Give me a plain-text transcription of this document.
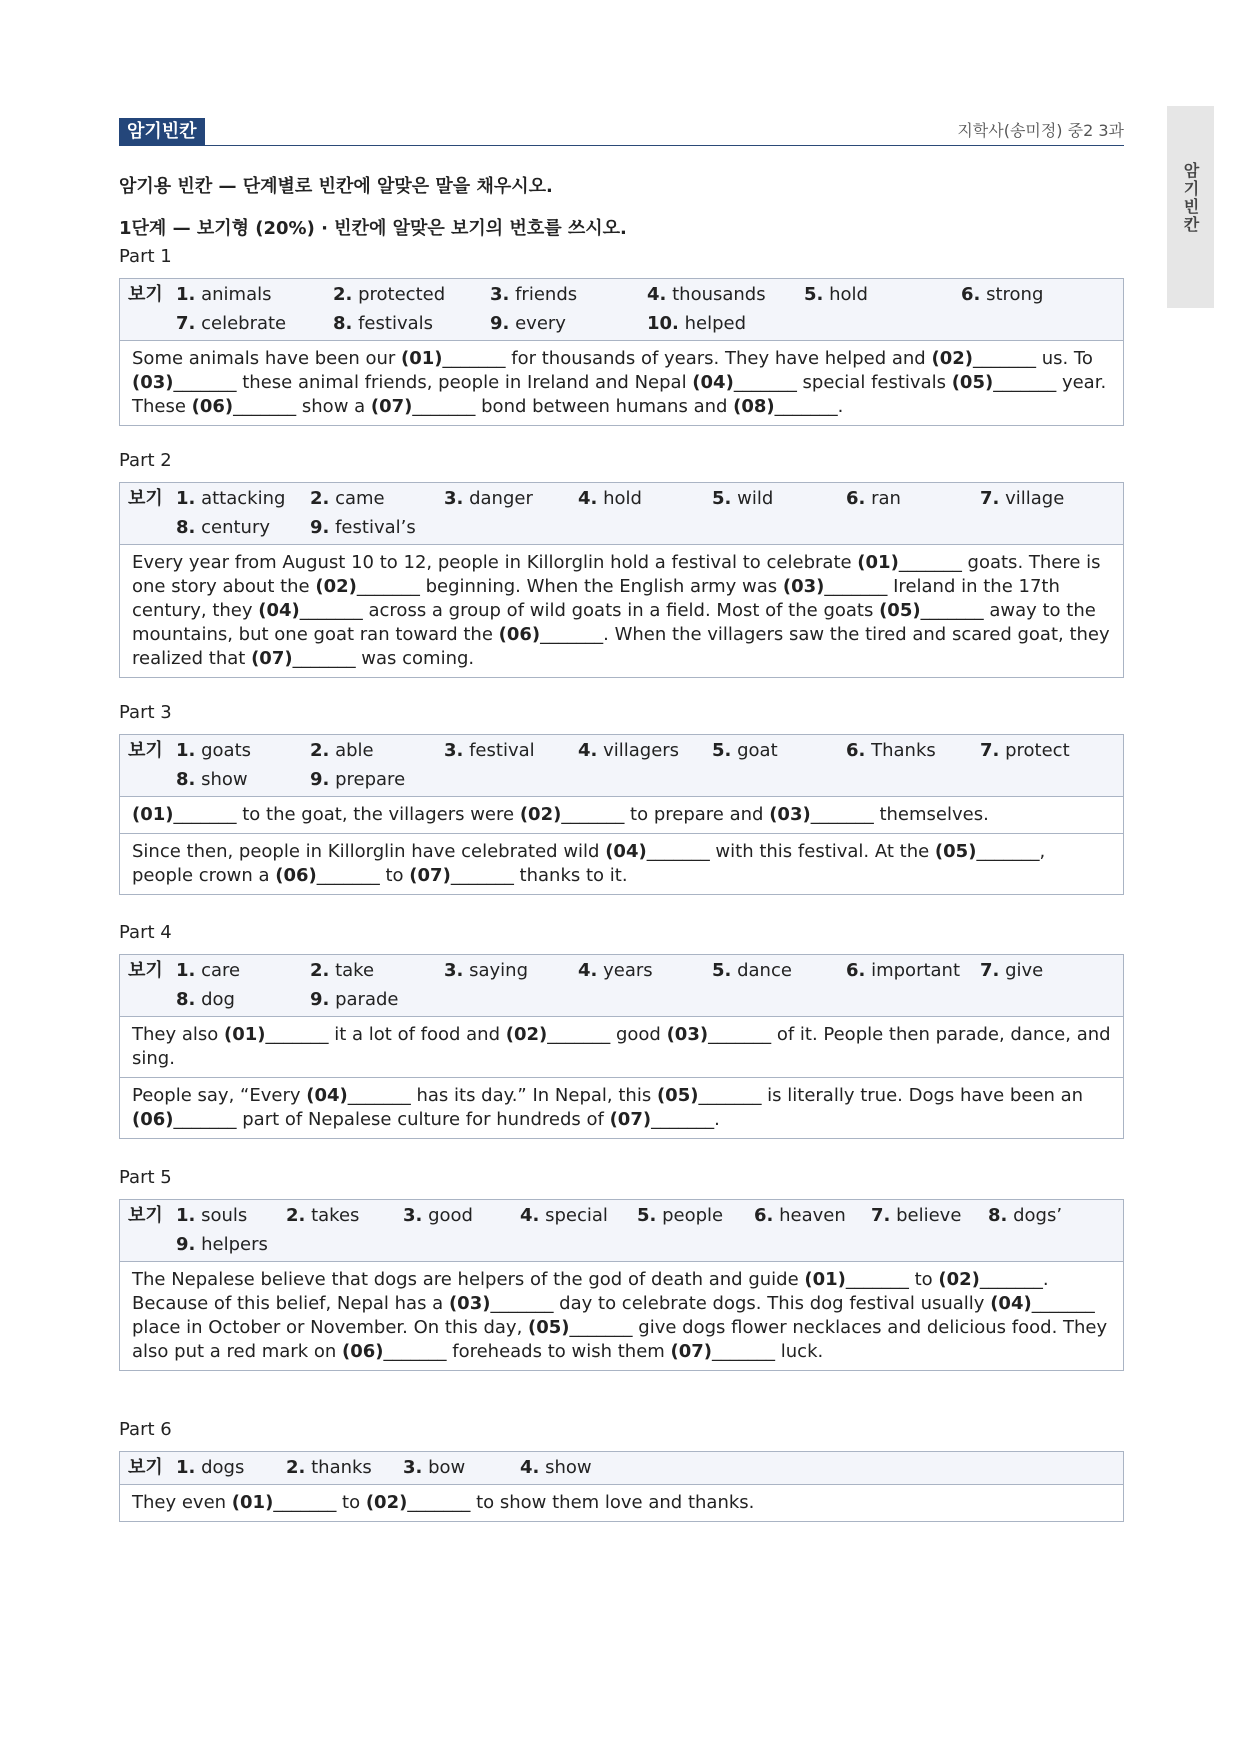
암기빈칸	지학사(송미정) 중2 3과
암기빈칸
암기용 빈칸 — 단계별로 빈칸에 알맞은 말을 채우시오.
1단계 — 보기형 (20%) · 빈칸에 알맞은 보기의 번호를 쓰시오.
Part 1
보기 1. animals	2. protected	3. friends	4. thousands	5. hold	6. strong
7. celebrate	8. festivals	9. every	10. helped
Some animals have been our (01)_______ for thousands of years. They have helped and (02)_______ us. To (03)_______ these animal friends, people in Ireland and Nepal (04)_______ special festivals (05)_______ year. These (06)_______ show a (07)_______ bond between humans and (08)_______.
Part 2
보기 1. attacking	2. came	3. danger	4. hold	5. wild	6. ran	7. village
8. century	9. festival’s
Every year from August 10 to 12, people in Killorglin hold a festival to celebrate (01)_______ goats. There is one story about the (02)_______ beginning. When the English army was (03)_______ Ireland in the 17th century, they (04)_______ across a group of wild goats in a field. Most of the goats (05)_______ away to the mountains, but one goat ran toward the (06)_______. When the villagers saw the tired and scared goat, they realized that (07)_______ was coming.
Part 3
보기 1. goats	2. able	3. festival	4. villagers	5. goat	6. Thanks	7. protect
8. show	9. prepare
(01)_______ to the goat, the villagers were (02)_______ to prepare and (03)_______ themselves.
Since then, people in Killorglin have celebrated wild (04)_______ with this festival. At the (05)_______, people crown a (06)_______ to (07)_______ thanks to it.
Part 4
보기 1. care	2. take	3. saying	4. years	5. dance	6. important	7. give
8. dog	9. parade
They also (01)_______ it a lot of food and (02)_______ good (03)_______ of it. People then parade, dance, and sing.
People say, “Every (04)_______ has its day.” In Nepal, this (05)_______ is literally true. Dogs have been an (06)_______ part of Nepalese culture for hundreds of (07)_______.
Part 5
보기 1. souls	2. takes	3. good	4. special	5. people	6. heaven	7. believe	8. dogs’
9. helpers
The Nepalese believe that dogs are helpers of the god of death and guide (01)_______ to (02)_______. Because of this belief, Nepal has a (03)_______ day to celebrate dogs. This dog festival usually (04)_______ place in October or November. On this day, (05)_______ give dogs flower necklaces and delicious food. They also put a red mark on (06)_______ foreheads to wish them (07)_______ luck.
Part 6
보기 1. dogs	2. thanks	3. bow	4. show
They even (01)_______ to (02)_______ to show them love and thanks.
